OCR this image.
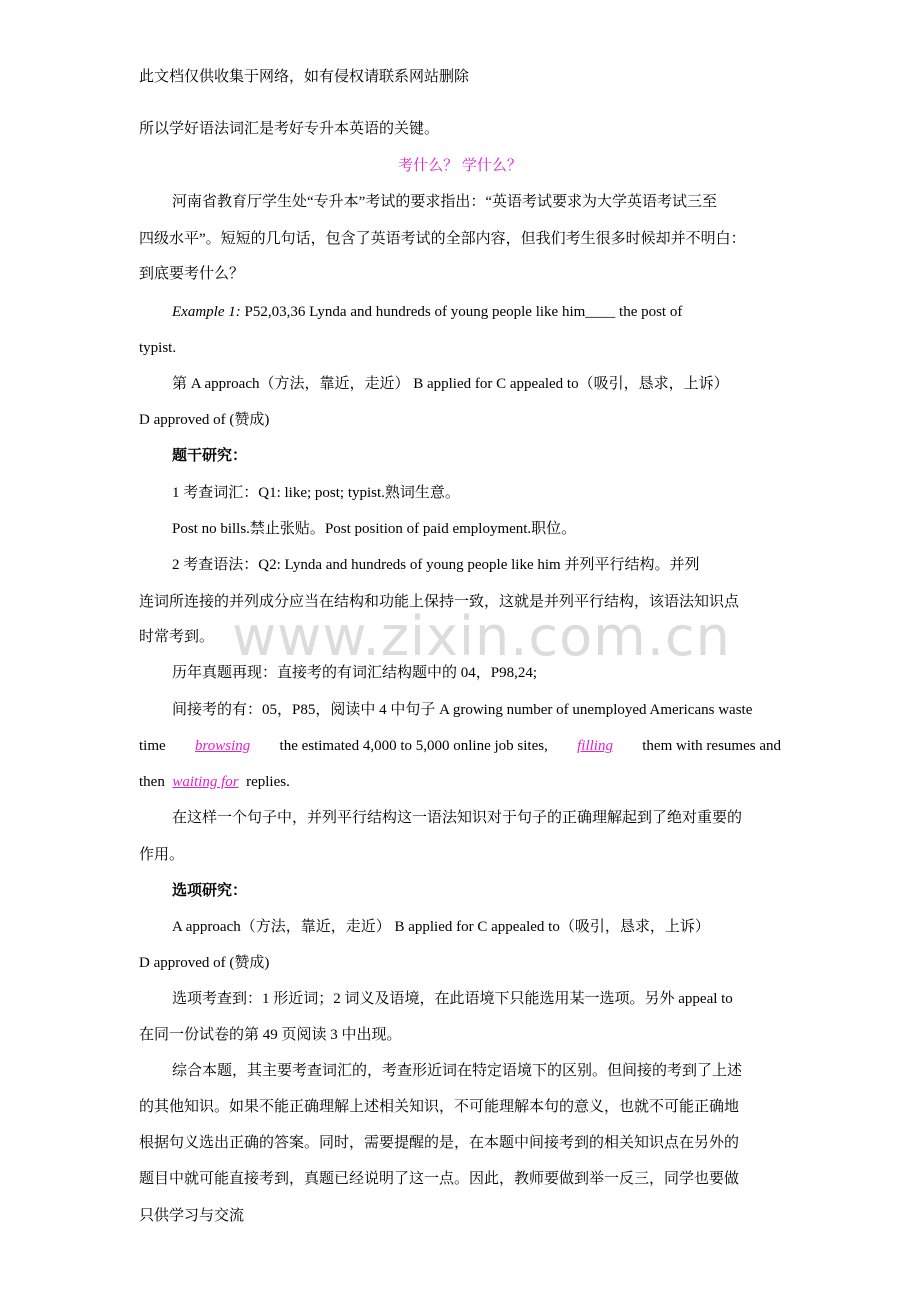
www.zixin.com.cn
此文档仅供收集于网络，如有侵权请联系网站删除
所以学好语法词汇是考好专升本英语的关键。
考什么？ 学什么？
河南省教育厅学生处“专升本”考试的要求指出：“英语考试要求为大学英语考试三至
四级水平”。短短的几句话，包含了英语考试的全部内容，但我们考生很多时候却并不明白：
到底要考什么？
Example 1: P52,03,36 Lynda and hundreds of young people like him____ the post of
typist.
第 A approach（方法，靠近，走近） B applied for C appealed to（吸引，恳求，上诉）
D approved of (赞成)
题干研究：
1 考查词汇：Q1: like; post; typist.熟词生意。
Post no bills.禁止张贴。Post position of paid employment.职位。
2 考查语法：Q2: Lynda and hundreds of young people like him 并列平行结构。并列
连词所连接的并列成分应当在结构和功能上保持一致，这就是并列平行结构，该语法知识点
时常考到。
历年真题再现：直接考的有词汇结构题中的 04，P98,24;
间接考的有：05，P85，阅读中 4 中句子 A growing number of unemployed Americans waste
time browsing the estimated 4,000 to 5,000 online job sites, filling them with resumes and
then waiting for replies.
在这样一个句子中，并列平行结构这一语法知识对于句子的正确理解起到了绝对重要的
作用。
选项研究：
A approach（方法，靠近，走近） B applied for C appealed to（吸引，恳求，上诉）
D approved of (赞成)
选项考查到：1 形近词；2 词义及语境，在此语境下只能选用某一选项。另外 appeal to
在同一份试卷的第 49 页阅读 3 中出现。
综合本题，其主要考查词汇的，考查形近词在特定语境下的区别。但间接的考到了上述
的其他知识。如果不能正确理解上述相关知识，不可能理解本句的意义，也就不可能正确地
根据句义选出正确的答案。同时，需要提醒的是，在本题中间接考到的相关知识点在另外的
题目中就可能直接考到，真题已经说明了这一点。因此，教师要做到举一反三，同学也要做
只供学习与交流
